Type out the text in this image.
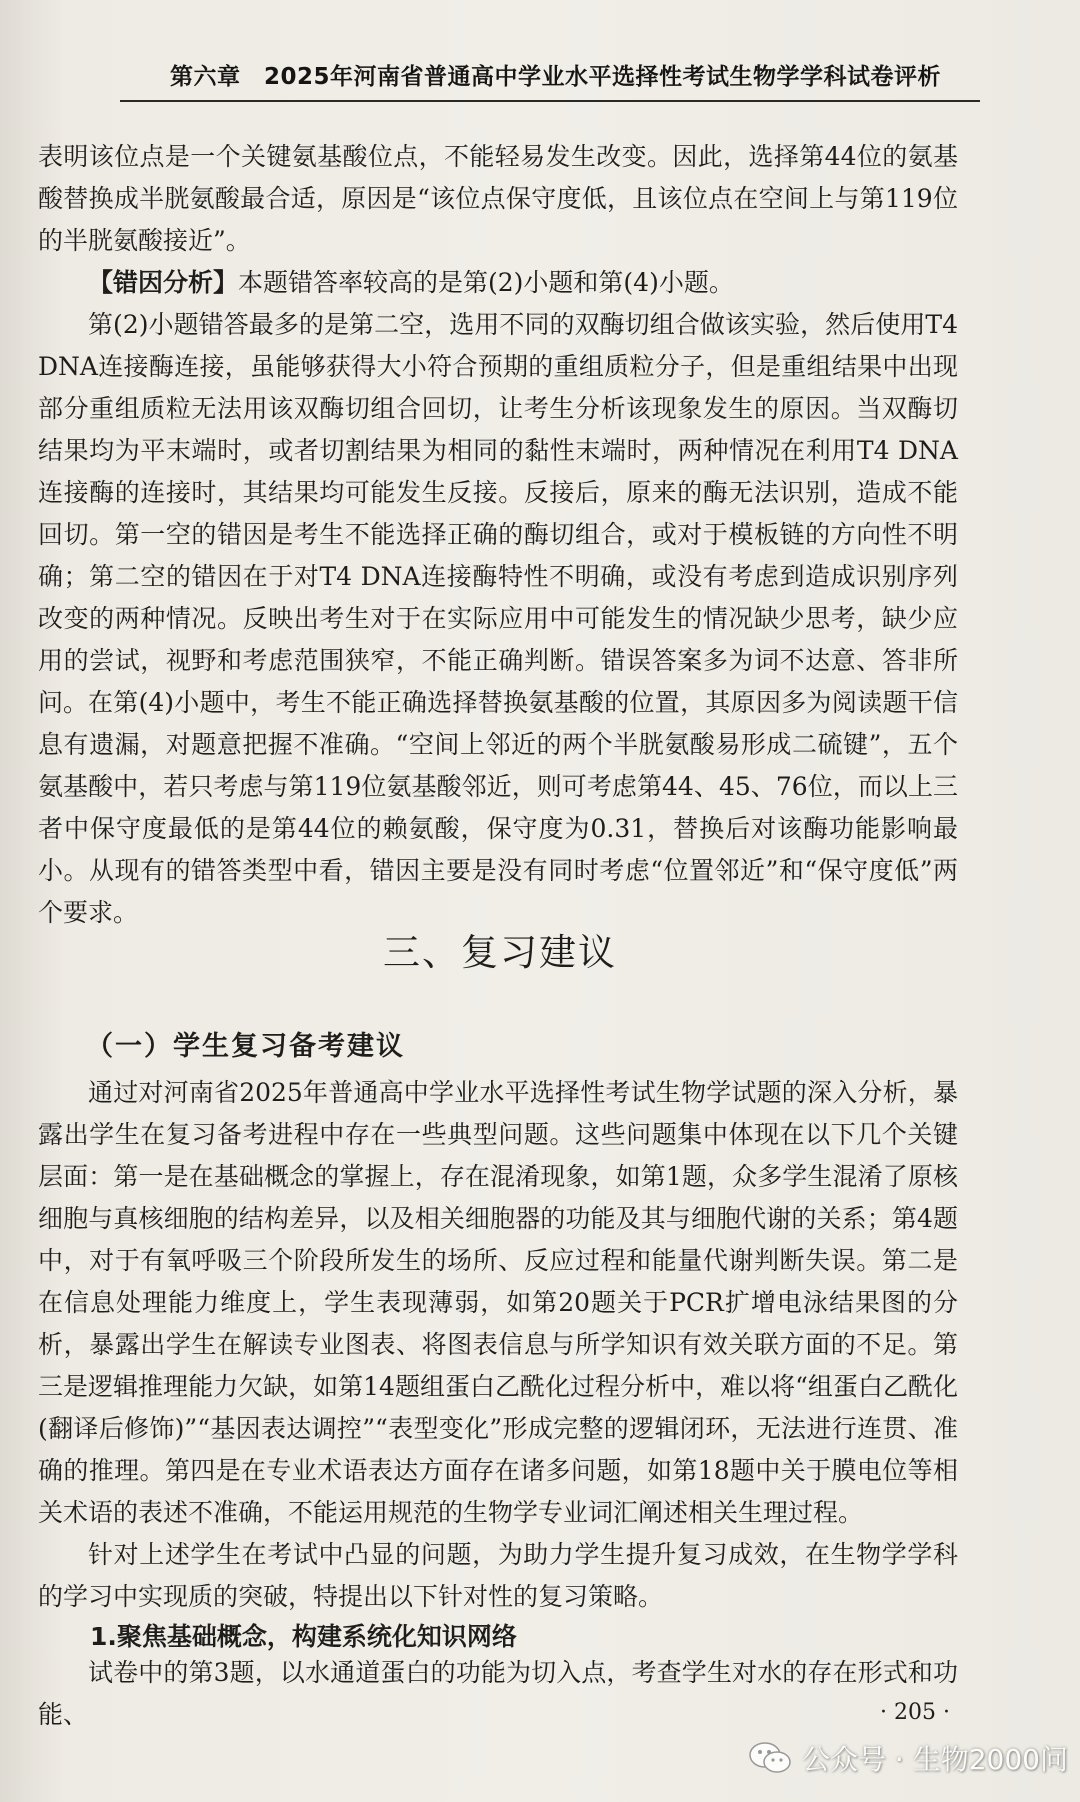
第六章　2025年河南省普通高中学业水平选择性考试生物学学科试卷评析

表明该位点是一个关键氨基酸位点，不能轻易发生改变。因此，选择第44位的氨基酸替换成半胱氨酸最合适，原因是“该位点保守度低，且该位点在空间上与第119位的半胱氨酸接近”。

【错因分析】本题错答率较高的是第(2)小题和第(4)小题。

第(2)小题错答最多的是第二空，选用不同的双酶切组合做该实验，然后使用T4 DNA连接酶连接，虽能够获得大小符合预期的重组质粒分子，但是重组结果中出现部分重组质粒无法用该双酶切组合回切，让考生分析该现象发生的原因。当双酶切结果均为平末端时，或者切割结果为相同的黏性末端时，两种情况在利用T4 DNA连接酶的连接时，其结果均可能发生反接。反接后，原来的酶无法识别，造成不能回切。第一空的错因是考生不能选择正确的酶切组合，或对于模板链的方向性不明确；第二空的错因在于对T4 DNA连接酶特性不明确，或没有考虑到造成识别序列改变的两种情况。反映出考生对于在实际应用中可能发生的情况缺少思考，缺少应用的尝试，视野和考虑范围狭窄，不能正确判断。错误答案多为词不达意、答非所问。 在第(4)小题中，考生不能正确选择替换氨基酸的位置，其原因多为阅读题干信息有遗漏，对题意把握不准确。“空间上邻近的两个半胱氨酸易形成二硫键”，五个氨基酸中，若只考虑与第119位氨基酸邻近，则可考虑第44、45、76位，而以上三者中保守度最低的是第44位的赖氨酸，保守度为0.31，替换后对该酶功能影响最小。从现有的错答类型中看，错因主要是没有同时考虑“位置邻近”和“保守度低”两个要求。

三、复习建议
（一）学生复习备考建议

通过对河南省2025年普通高中学业水平选择性考试生物学试题的深入分析，暴露出学生在复习备考进程中存在一些典型问题。这些问题集中体现在以下几个关键层面：第一是在基础概念的掌握上，存在混淆现象，如第1题，众多学生混淆了原核细胞与真核细胞的结构差异，以及相关细胞器的功能及其与细胞代谢的关系；第4题中，对于有氧呼吸三个阶段所发生的场所、反应过程和能量代谢判断失误。第二是在信息处理能力维度上，学生表现薄弱，如第20题关于PCR扩增电泳结果图的分析，暴露出学生在解读专业图表、将图表信息与所学知识有效关联方面的不足。第三是逻辑推理能力欠缺，如第14题组蛋白乙酰化过程分析中，难以将“组蛋白乙酰化(翻译后修饰)”“基因表达调控”“表型变化”形成完整的逻辑闭环，无法进行连贯、准确的推理。第四是在专业术语表达方面存在诸多问题，如第18题中关于膜电位等相关术语的表述不准确，不能运用规范的生物学专业词汇阐述相关生理过程。

针对上述学生在考试中凸显的问题，为助力学生提升复习成效，在生物学学科的学习中实现质的突破，特提出以下针对性的复习策略。

1.聚焦基础概念，构建系统化知识网络

试卷中的第3题，以水通道蛋白的功能为切入点，考查学生对水的存在形式和功能、	· 205 ·
公众号 · 生物2000问
